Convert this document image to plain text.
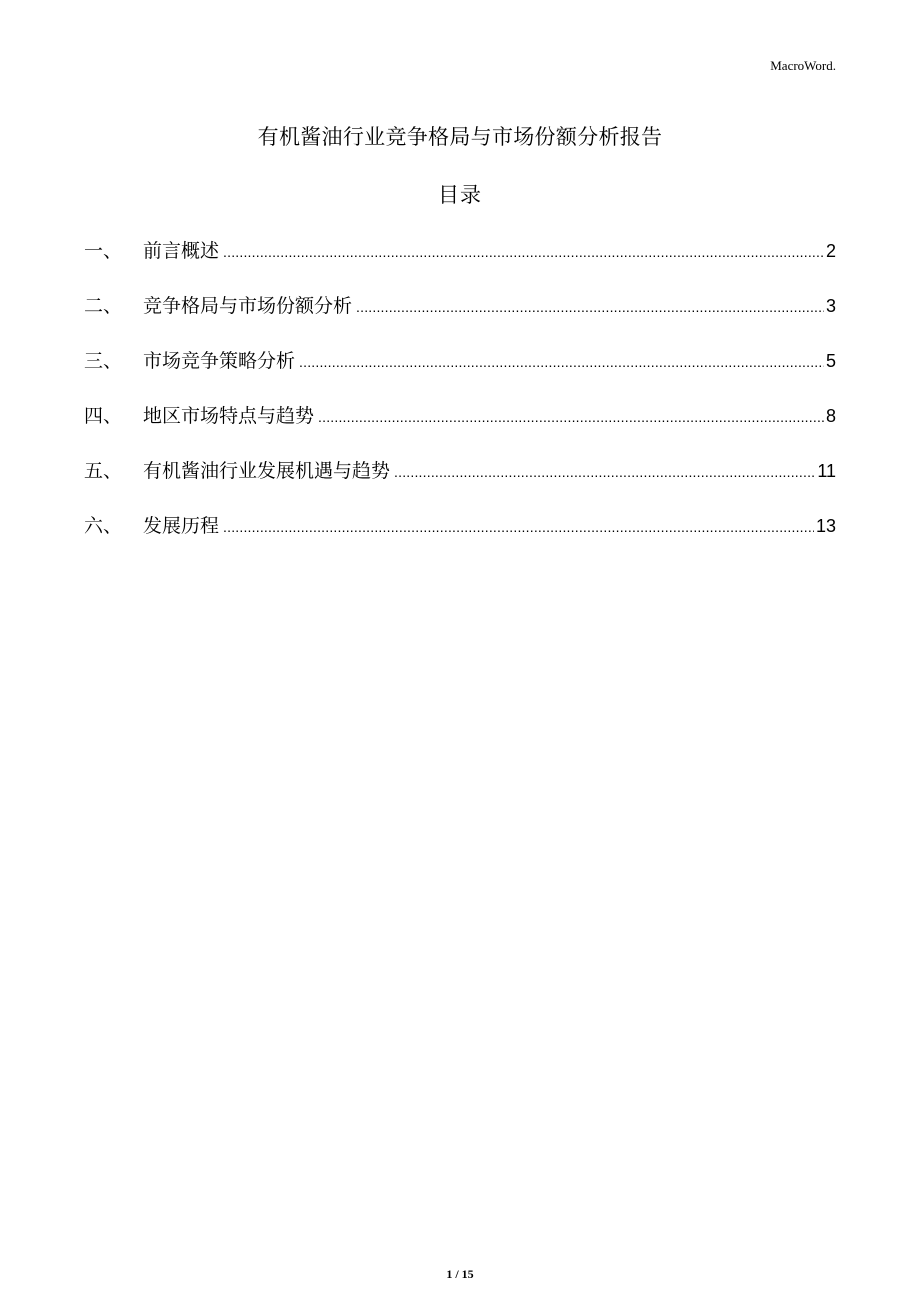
MacroWord.
有机酱油行业竞争格局与市场份额分析报告
目录
一、	前言概述 .....	2
二、	竞争格局与市场份额分析 .....	3
三、	市场竞争策略分析 .....	5
四、	地区市场特点与趋势 .....	8
五、	有机酱油行业发展机遇与趋势 .....	11
六、	发展历程 .....	13
1 / 15
